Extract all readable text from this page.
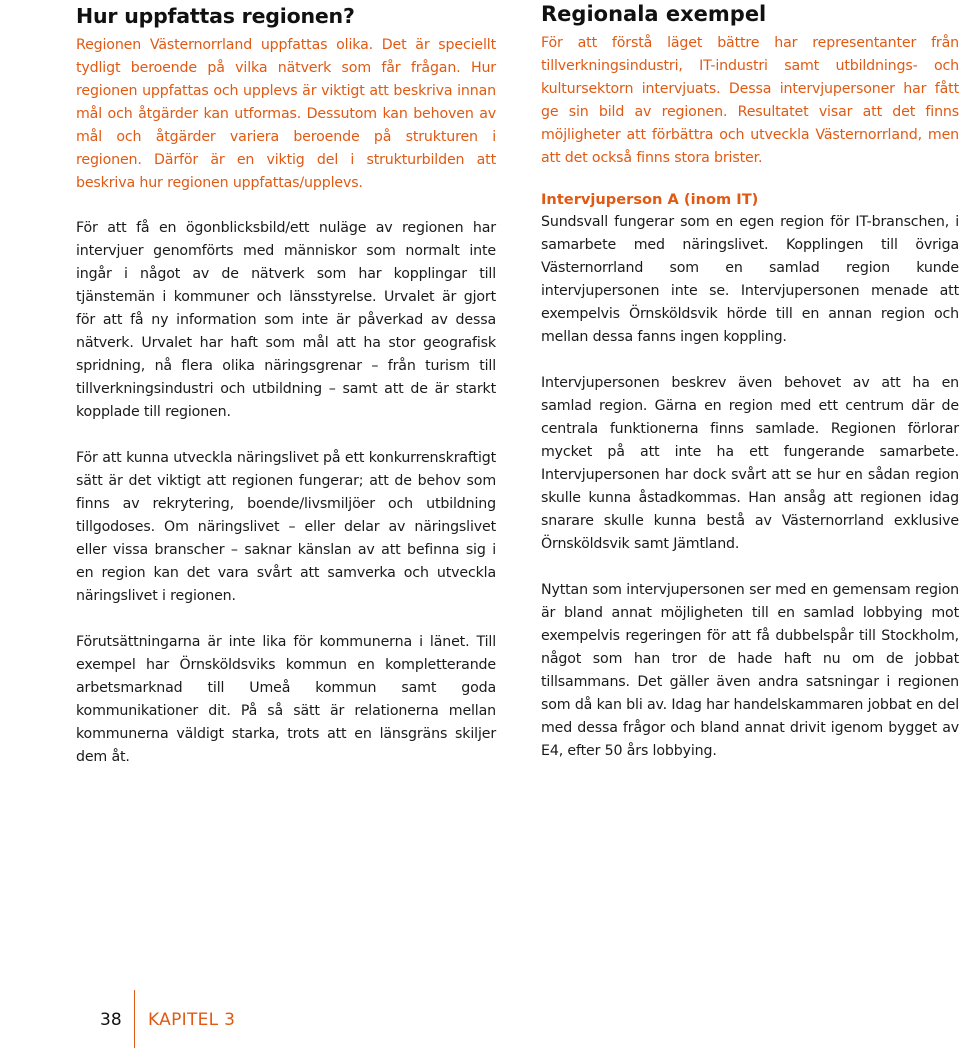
Hur uppfattas regionen?

Regionen Västernorrland uppfattas olika. Det är speciellt tydligt beroende på vilka nätverk som får frågan. Hur regionen uppfattas och upplevs är viktigt att beskriva innan mål och åtgärder kan utformas. Dessutom kan behoven av mål och åtgärder variera beroende på strukturen i regionen. Därför är en viktig del i strukturbilden att beskriva hur regionen uppfattas/upplevs.

För att få en ögonblicksbild/ett nuläge av regionen har intervjuer genomförts med människor som normalt inte ingår i något av de nätverk som har kopplingar till tjänstemän i kommuner och länsstyrelse. Urvalet är gjort för att få ny information som inte är påverkad av dessa nätverk. Urvalet har haft som mål att ha stor geografisk spridning, nå flera olika näringsgrenar – från turism till tillverkningsindustri och utbildning – samt att de är starkt kopplade till regionen.

För att kunna utveckla näringslivet på ett konkurrenskraftigt sätt är det viktigt att regionen fungerar; att de behov som finns av rekrytering, boende/livsmiljöer och utbildning tillgodoses. Om näringslivet – eller delar av näringslivet eller vissa branscher – saknar känslan av att befinna sig i en region kan det vara svårt att samverka och utveckla näringslivet i regionen.

Förutsättningarna är inte lika för kommunerna i länet. Till exempel har Örnsköldsviks kommun en kompletterande arbetsmarknad till Umeå kommun samt goda kommunikationer dit. På så sätt är relationerna mellan kommunerna väldigt starka, trots att en länsgräns skiljer dem åt.

Regionala exempel

För att förstå läget bättre har representanter från tillverkningsindustri, IT-industri samt utbildnings- och kultursektorn intervjuats. Dessa intervjupersoner har fått ge sin bild av regionen. Resultatet visar att det finns möjligheter att förbättra och utveckla Västernorrland, men att det också finns stora brister.

Intervjuperson A (inom IT)

Sundsvall fungerar som en egen region för IT-branschen, i samarbete med näringslivet. Kopplingen till övriga Västernorrland som en samlad region kunde intervjupersonen inte se. Intervjupersonen menade att exempelvis Örnsköldsvik hörde till en annan region och mellan dessa fanns ingen koppling.

Intervjupersonen beskrev även behovet av att ha en samlad region. Gärna en region med ett centrum där de centrala funktionerna finns samlade. Regionen förlorar mycket på att inte ha ett fungerande samarbete. Intervjupersonen har dock svårt att se hur en sådan region skulle kunna åstadkommas. Han ansåg att regionen idag snarare skulle kunna bestå av Västernorrland exklusive Örnsköldsvik samt Jämtland.

Nyttan som intervjupersonen ser med en gemensam region är bland annat möjligheten till en samlad lobbying mot exempelvis regeringen för att få dubbelspår till Stockholm, något som han tror de hade haft nu om de jobbat tillsammans. Det gäller även andra satsningar i regionen som då kan bli av. Idag har handelskammaren jobbat en del med dessa frågor och bland annat drivit igenom bygget av E4, efter 50 års lobbying.

38 KAPITEL 3
